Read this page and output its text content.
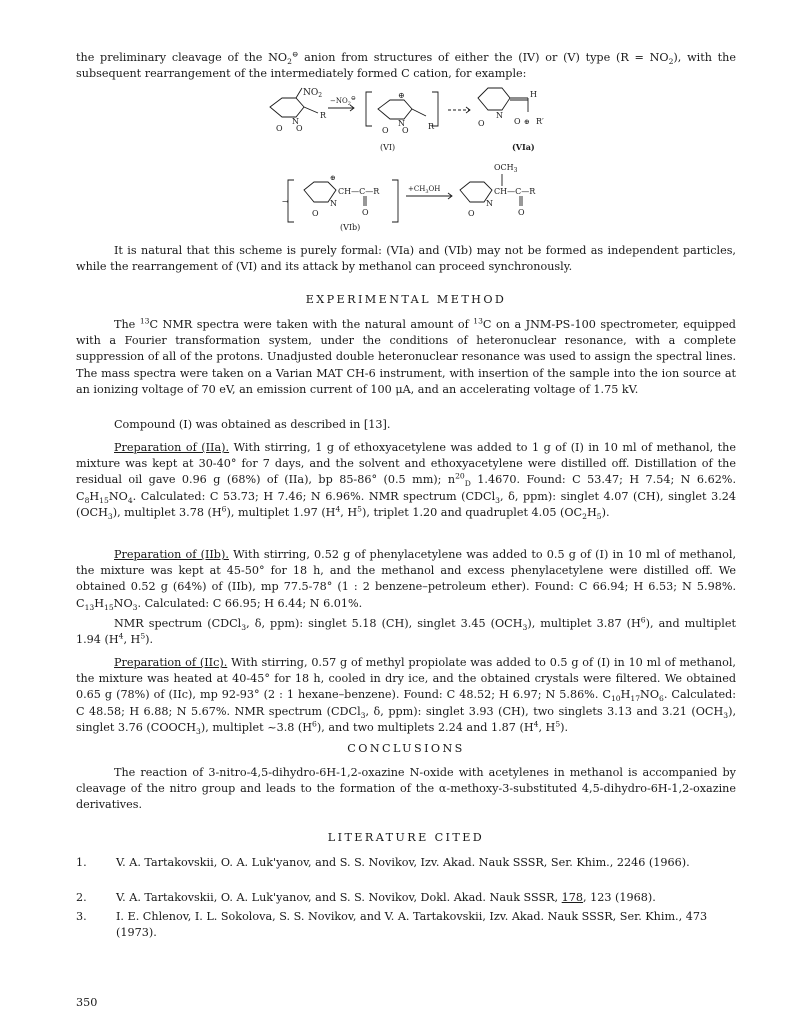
the preliminary cleavage of the $NO_2^⊖$ anion from structures of either the (IV) or (V) type $(R = NO_2)$, with the subsequent rearrangement of the intermediately formed C cation, for example:

$NO_2$
N
O O
R
$-NO_2⊖$	⊕
N
O O R
(VI)
H
N
O	O ⊕ R′
(VIa)
⊕
CH—C—R
O
N
O
→
(VIb)
$+CH_3OH$
$OCH_3$
CH—C—R
O
N
O

It is natural that this scheme is purely formal: (VIa) and (VIb) may not be formed as independent particles, while the rearrangement of (VI) and its attack by methanol can proceed synchronously.

EXPERIMENTAL METHOD

The $^{13}$C NMR spectra were taken with the natural amount of $^{13}$C on a JNM-PS-100 spectrometer, equipped with a Fourier transformation system, under the conditions of heteronuclear resonance, with a complete suppression of all of the protons. Unadjusted double heteronuclear resonance was used to assign the spectral lines. The mass spectra were taken on a Varian MAT CH-6 instrument, with insertion of the sample into the ion source at an ionizing voltage of 70 eV, an emission current of 100 μA, and an accelerating voltage of 1.75 kV.

Compound (I) was obtained as described in [13].

Preparation of (IIa). With stirring, 1 g of ethoxyacetylene was added to 1 g of (I) in 10 ml of methanol, the mixture was kept at 30-40° for 7 days, and the solvent and ethoxyacetylene were distilled off. Distillation of the residual oil gave 0.96 g (68%) of (IIa), bp 85-86° (0.5 mm); $n^{20}_D$ 1.4670. Found: C 53.47; H 7.54; N 6.62%. $C_8H_{15}NO_4$. Calculated: C 53.73; H 7.46; N 6.96%. NMR spectrum (CDCl$_3$, δ, ppm): singlet 4.07 (CH), singlet 3.24 $(OCH_3)$, multiplet 3.78 $(H^6)$, multiplet 1.97 ($H^4$, $H^5$), triplet 1.20 and quadruplet 4.05 $(OC_2H_5)$.

Preparation of (IIb). With stirring, 0.52 g of phenylacetylene was added to 0.5 g of (I) in 10 ml of methanol, the mixture was kept at 45-50° for 18 h, and the methanol and excess phenylacetylene were distilled off. We obtained 0.52 g (64%) of (IIb), mp 77.5-78° (1 : 2 benzene–petroleum ether). Found: C 66.94; H 6.53; N 5.98%. $C_{13}H_{15}NO_3$. Calculated: C 66.95; H 6.44; N 6.01%.

NMR spectrum (CDCl$_3$, δ, ppm): singlet 5.18 (CH), singlet 3.45 $(OCH_3)$, multiplet 3.87 $(H^6)$, and multiplet 1.94 ($H^4$, $H^5$).

Preparation of (IIc). With stirring, 0.57 g of methyl propiolate was added to 0.5 g of (I) in 10 ml of methanol, the mixture was heated at 40-45° for 18 h, cooled in dry ice, and the obtained crystals were filtered. We obtained 0.65 g (78%) of (IIc), mp 92-93° (2 : 1 hexane–benzene). Found: C 48.52; H 6.97; N 5.86%. $C_{10}H_{17}NO_6$. Calculated: C 48.58; H 6.88; N 5.67%. NMR spectrum (CDCl$_3$, δ, ppm): singlet 3.93 (CH), two singlets 3.13 and 3.21 $(OCH_3)$, singlet 3.76 $(COOCH_3)$, multiplet ~3.8 $(H^6)$, and two multiplets 2.24 and 1.87 ($H^4$, $H^5$).

CONCLUSIONS

The reaction of 3-nitro-4,5-dihydro-6H-1,2-oxazine N-oxide with acetylenes in methanol is accompanied by cleavage of the nitro group and leads to the formation of the α-methoxy-3-substituted 4,5-dihydro-6H-1,2-oxazine derivatives.

LITERATURE CITED
1.	V. A. Tartakovskii, O. A. Luk'yanov, and S. S. Novikov, Izv. Akad. Nauk SSSR, Ser. Khim., 2246 (1966).
2.	V. A. Tartakovskii, O. A. Luk'yanov, and S. S. Novikov, Dokl. Akad. Nauk SSSR, 178, 123 (1968).
3.	I. E. Chlenov, I. L. Sokolova, S. S. Novikov, and V. A. Tartakovskii, Izv. Akad. Nauk SSSR, Ser. Khim., 473 (1973).
350
